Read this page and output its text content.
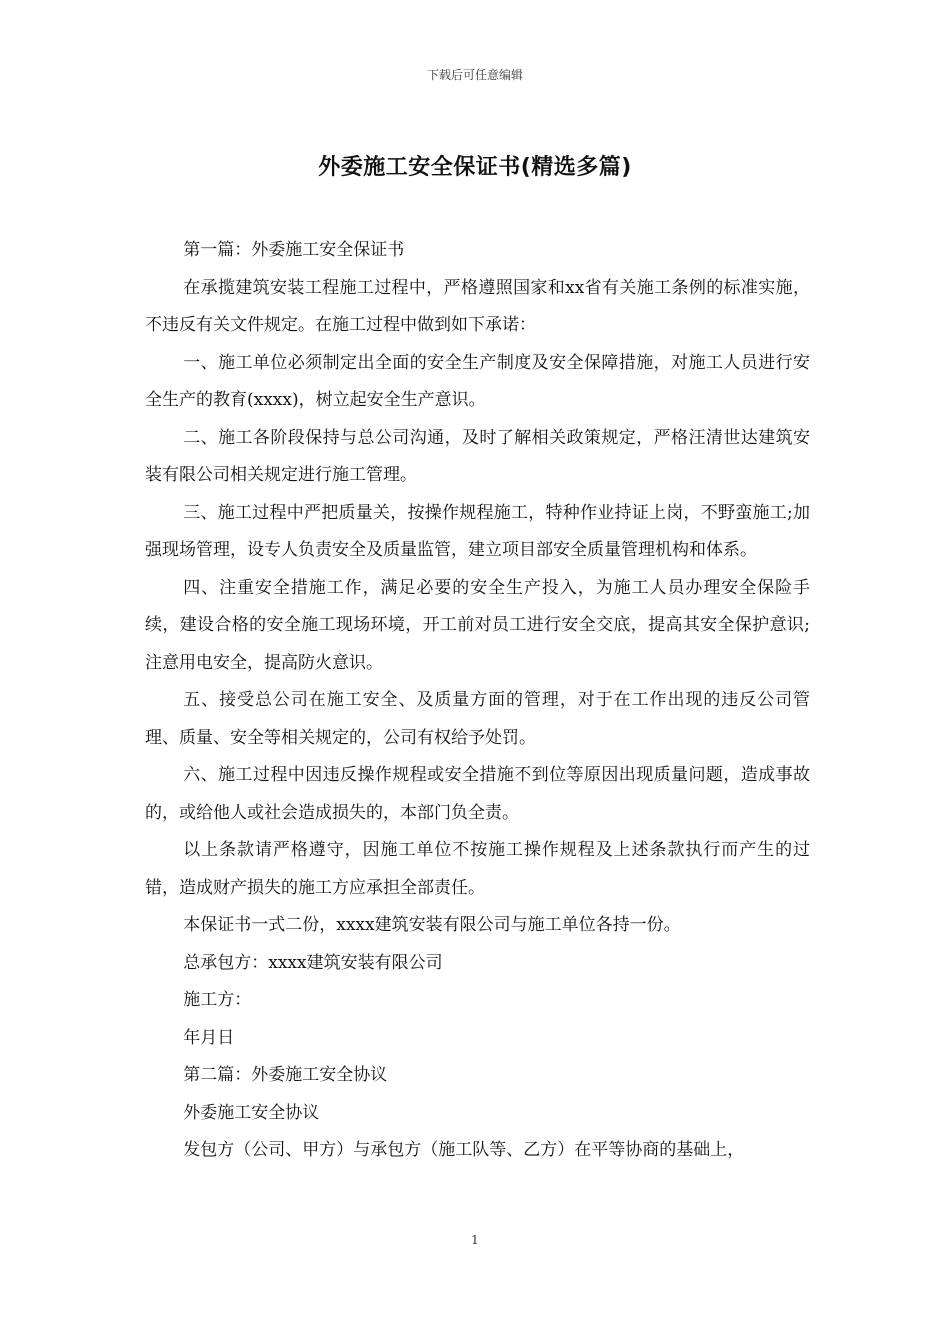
下载后可任意编辑
外委施工安全保证书(精选多篇)

第一篇：外委施工安全保证书

在承揽建筑安装工程施工过程中，严格遵照国家和xx省有关施工条例的标准实施，不违反有关文件规定。在施工过程中做到如下承诺：

一、施工单位必须制定出全面的安全生产制度及安全保障措施，对施工人员进行安全生产的教育(xxxx)，树立起安全生产意识。

二、施工各阶段保持与总公司沟通，及时了解相关政策规定，严格汪清世达建筑安装有限公司相关规定进行施工管理。

三、施工过程中严把质量关，按操作规程施工，特种作业持证上岗，不野蛮施工;加强现场管理，设专人负责安全及质量监管，建立项目部安全质量管理机构和体系。

四、注重安全措施工作，满足必要的安全生产投入，为施工人员办理安全保险手续，建设合格的安全施工现场环境，开工前对员工进行安全交底，提高其安全保护意识;注意用电安全，提高防火意识。

五、接受总公司在施工安全、及质量方面的管理，对于在工作出现的违反公司管理、质量、安全等相关规定的，公司有权给予处罚。

六、施工过程中因违反操作规程或安全措施不到位等原因出现质量问题，造成事故的，或给他人或社会造成损失的，本部门负全责。

以上条款请严格遵守，因施工单位不按施工操作规程及上述条款执行而产生的过错，造成财产损失的施工方应承担全部责任。

本保证书一式二份，xxxx建筑安装有限公司与施工单位各持一份。

总承包方：xxxx建筑安装有限公司

施工方：

年月日

第二篇：外委施工安全协议

外委施工安全协议

发包方（公司、甲方）与承包方（施工队等、乙方）在平等协商的基础上，

1
